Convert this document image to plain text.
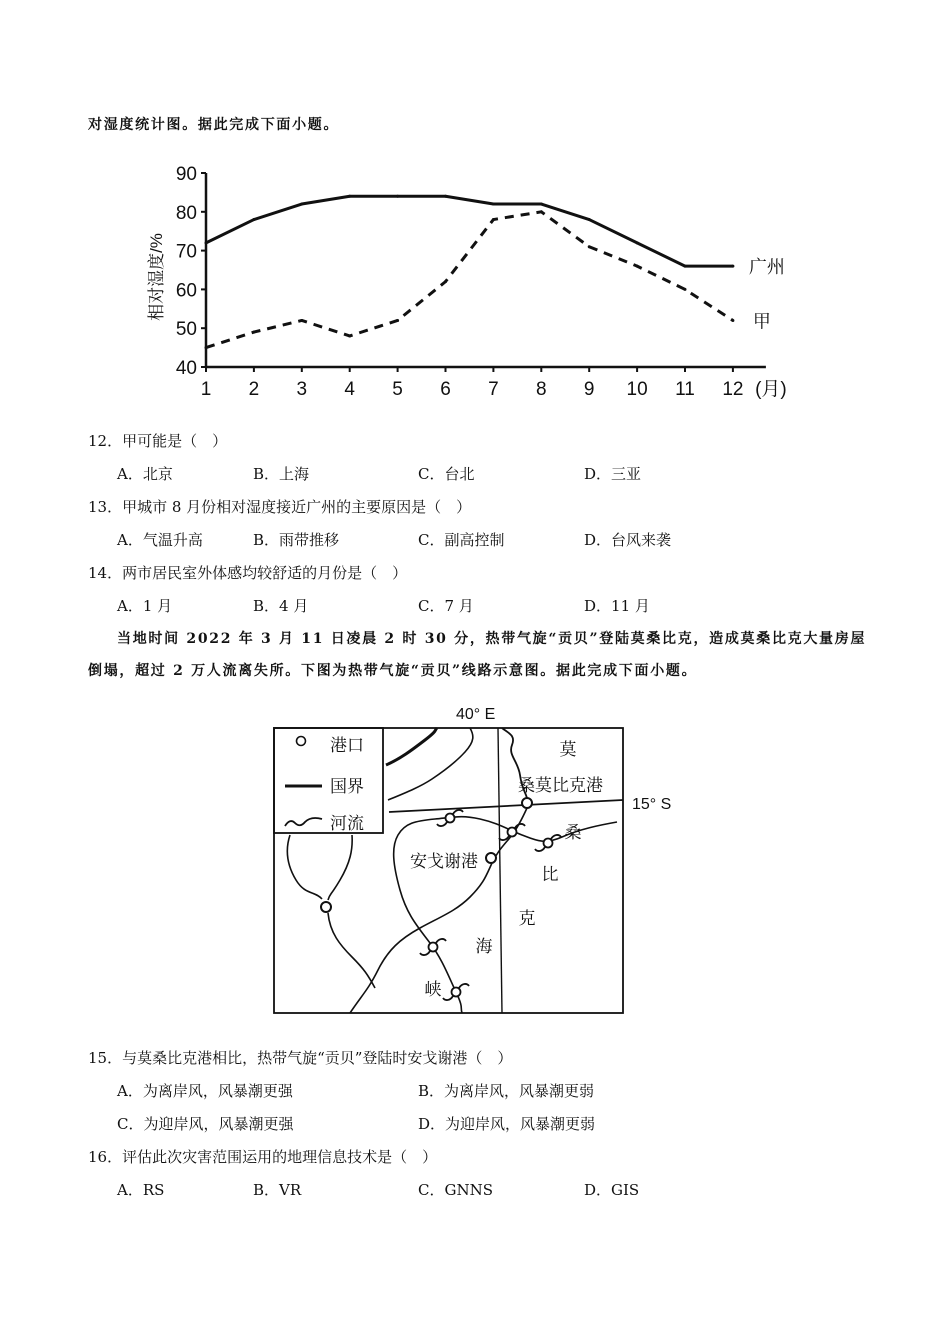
对湿度统计图。据此完成下面小题。
40
50
60
70
80
90
1 2 3 4 5 6 7 8 9 10 11 12 (月)
相对湿度/%	广州
甲
12．甲可能是（　）
A．北京	B．上海	C．台北	D．三亚
13．甲城市 8 月份相对湿度接近广州的主要原因是（　）
A．气温升高	B．雨带推移	C．副高控制	D．台风来袭
14．两市居民室外体感均较舒适的月份是（　）
A．1 月	B．4 月	C．7 月	D．11 月
当地时间 2022 年 3 月 11 日凌晨 2 时 30 分，热带气旋“贡贝”登陆莫桑比克，造成莫桑比克大量房屋
倒塌，超过 2 万人流离失所。下图为热带气旋“贡贝”线路示意图。据此完成下面小题。
40° E
15° S
港口
国界
河流
莫
桑莫比克港
桑
安戈谢港
比
克
海
峡
15．与莫桑比克港相比，热带气旋“贡贝”登陆时安戈谢港（　）
A．为离岸风，风暴潮更强	B．为离岸风，风暴潮更弱
C．为迎岸风，风暴潮更强	D．为迎岸风，风暴潮更弱
16．评估此次灾害范围运用的地理信息技术是（　）
A．RS	B．VR	C．GNNS	D．GIS
